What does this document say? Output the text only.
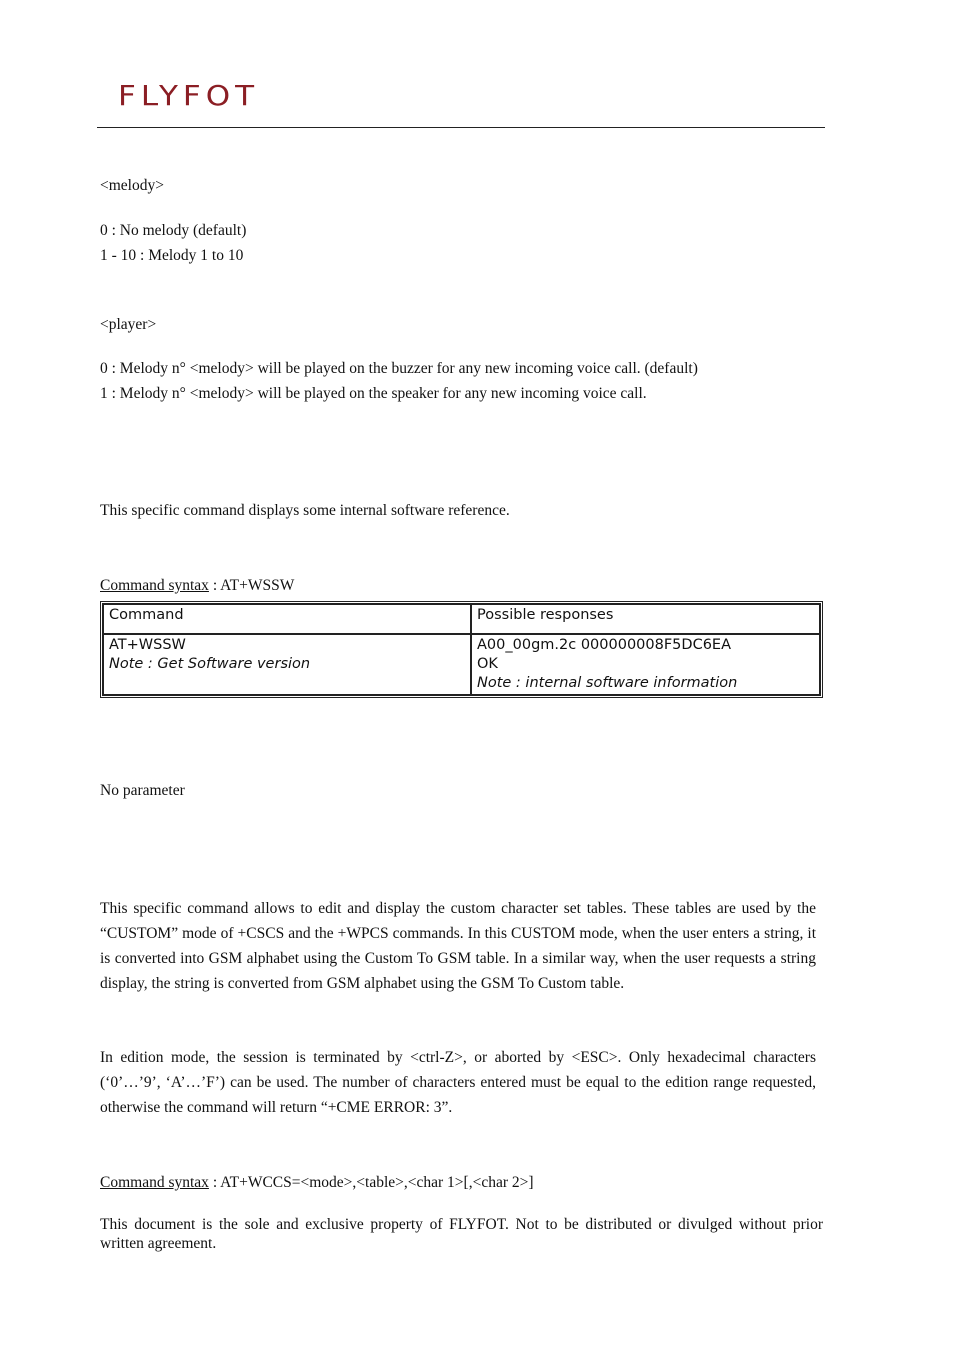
FLYFOT
<melody>
0 : No melody (default)
1 - 10 : Melody 1 to 10
<player>
0 : Melody n° <melody> will be played on the buzzer for any new incoming voice call. (default)
1 : Melody n° <melody> will be played on the speaker for any new incoming voice call.
This specific command displays some internal software reference.
Command syntax : AT+WSSW
Command	Possible responses

AT+WSSW
Note : Get Software version	A00_00gm.2c 000000008F5DC6EA
OK
Note : internal software information
No parameter
This specific command allows to edit and display the custom character set tables. These tables are used by the “CUSTOM” mode of +CSCS and the +WPCS commands. In this CUSTOM mode, when the user enters a string, it is converted into GSM alphabet using the Custom To GSM table. In a similar way, when the user requests a string display, the string is converted from GSM alphabet using the GSM To Custom table.
In edition mode, the session is terminated by <ctrl-Z>, or aborted by <ESC>. Only hexadecimal characters (‘0’…’9’, ‘A’…’F’) can be used. The number of characters entered must be equal to the edition range requested, otherwise the command will return “+CME ERROR: 3”.
Command syntax : AT+WCCS=<mode>,<table>,<char 1>[,<char 2>]
This document is the sole and exclusive property of FLYFOT. Not to be distributed or divulged without prior written agreement.
